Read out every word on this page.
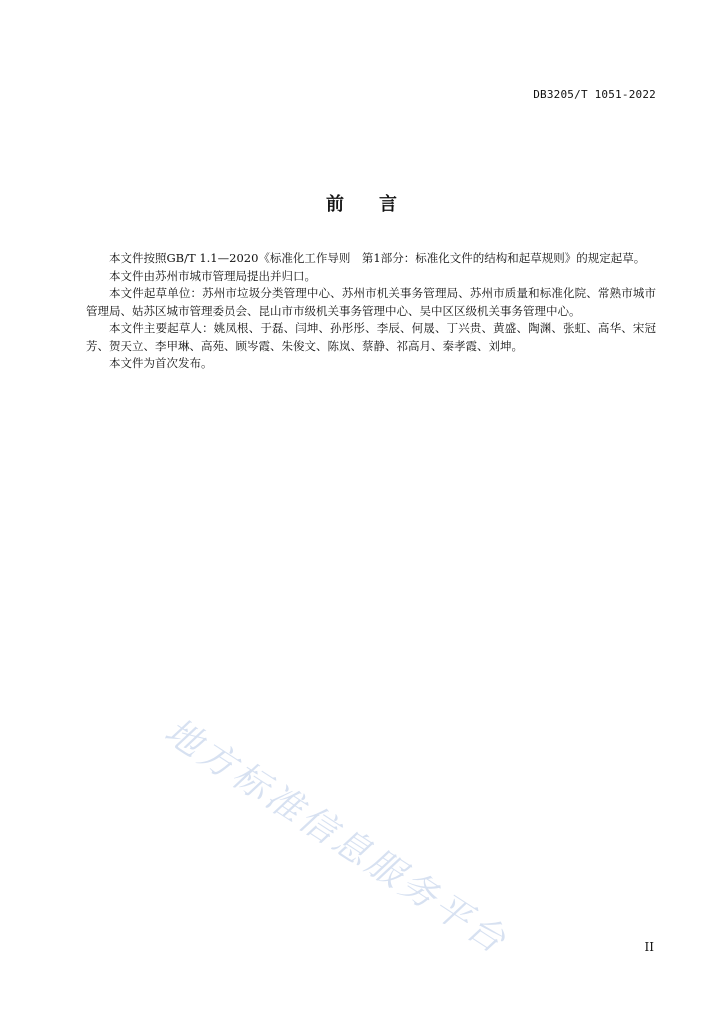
DB3205/T 1051-2022
前 言

本文件按照GB/T 1.1—2020《标准化工作导则　第1部分：标准化文件的结构和起草规则》的规定起草。

本文件由苏州市城市管理局提出并归口。

本文件起草单位：苏州市垃圾分类管理中心、苏州市机关事务管理局、苏州市质量和标准化院、常熟市城市管理局、姑苏区城市管理委员会、昆山市市级机关事务管理中心、吴中区区级机关事务管理中心。

本文件主要起草人：姚凤根、于磊、闫坤、孙彤彤、李辰、何晟、丁兴贵、黄盛、陶渊、张虹、高华、宋冠芳、贺天立、李甲琳、高苑、顾岑霞、朱俊文、陈岚、蔡静、祁高月、秦孝霞、刘坤。

本文件为首次发布。

地方标准信息服务平台	II
